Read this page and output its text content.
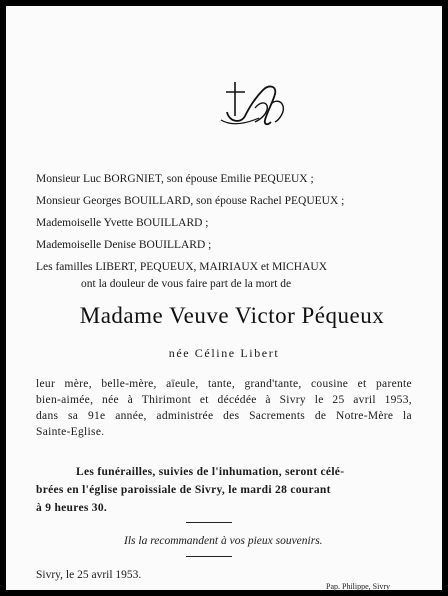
Monsieur Luc BORGNIET, son épouse Emilie PEQUEUX ;
Monsieur Georges BOUILLARD, son épouse Rachel PEQUEUX ;
Mademoiselle Yvette BOUILLARD ;
Mademoiselle Denise BOUILLARD ;
Les familles LIBERT, PEQUEUX, MAIRIAUX et MICHAUX
ont la douleur de vous faire part de la mort de
Madame Veuve Victor Péqueux
née Céline Libert
leur mère, belle-mère, aïeule, tante, grand'tante, cousine et parente
bien-aimée, née à Thirimont et décédée à Sivry le 25 avril 1953,
dans sa 91e année, administrée des Sacrements de Notre-Mère la
Sainte-Eglise.
Les funérailles, suivies de l'inhumation, seront célé-
brées en l'église paroissiale de Sivry, le mardi 28 courant
à 9 heures 30.
Ils la recommandent à vos pieux souvenirs.
Sivry, le 25 avril 1953.
Pap. Philippe, Sivry
